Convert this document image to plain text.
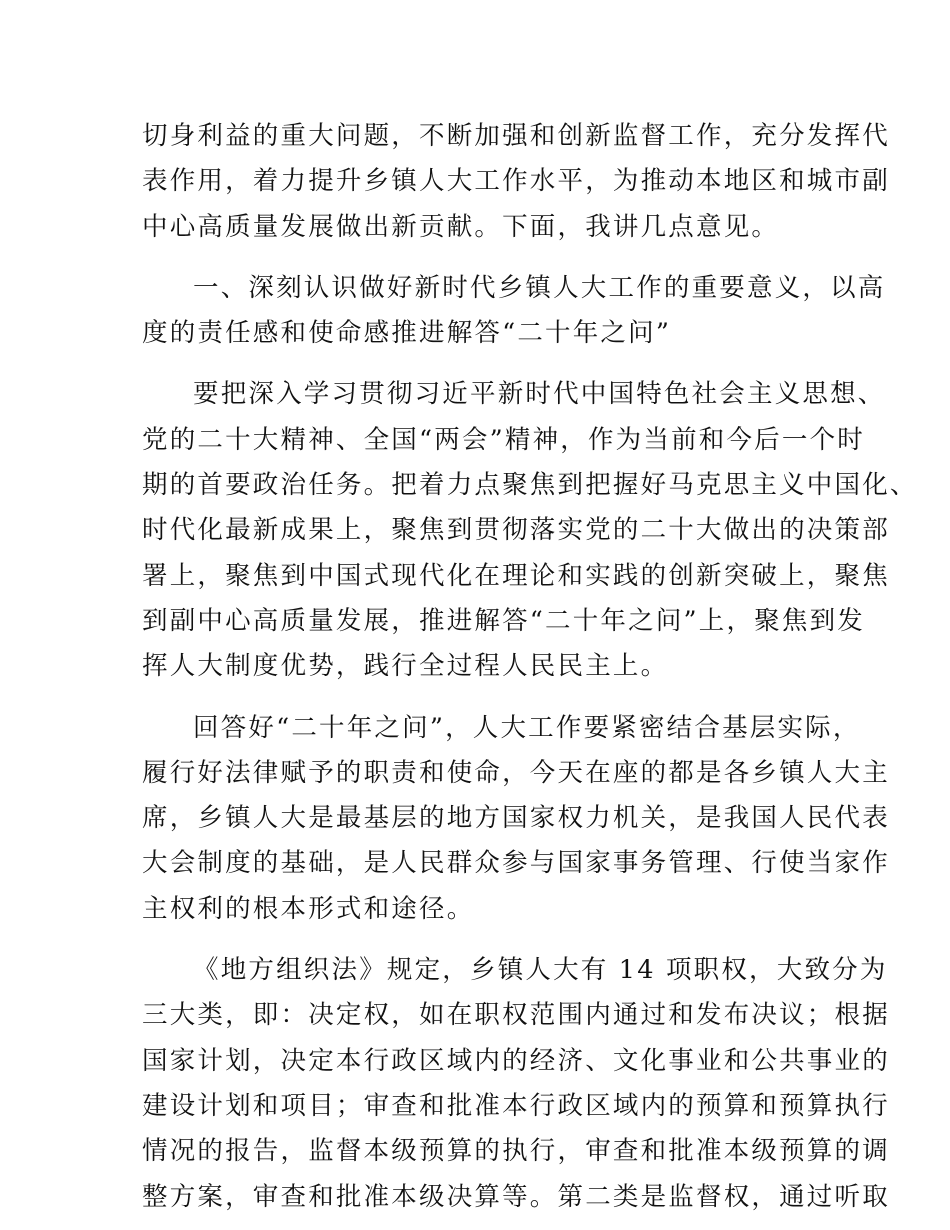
切身利益的重大问题，不断加强和创新监督工作，充分发挥代
表作用，着力提升乡镇人大工作水平，为推动本地区和城市副
中心高质量发展做出新贡献。下面，我讲几点意见。
一、深刻认识做好新时代乡镇人大工作的重要意义，以高
度的责任感和使命感推进解答“二十年之问”
要把深入学习贯彻习近平新时代中国特色社会主义思想、
党的二十大精神、全国“两会”精神，作为当前和今后一个时
期的首要政治任务。把着力点聚焦到把握好马克思主义中国化、
时代化最新成果上，聚焦到贯彻落实党的二十大做出的决策部
署上，聚焦到中国式现代化在理论和实践的创新突破上，聚焦
到副中心高质量发展，推进解答“二十年之问”上，聚焦到发
挥人大制度优势，践行全过程人民民主上。
回答好“二十年之问”，人大工作要紧密结合基层实际，
履行好法律赋予的职责和使命，今天在座的都是各乡镇人大主
席，乡镇人大是最基层的地方国家权力机关，是我国人民代表
大会制度的基础，是人民群众参与国家事务管理、行使当家作
主权利的根本形式和途径。
《地方组织法》规定，乡镇人大有 14 项职权，大致分为
三大类，即：决定权，如在职权范围内通过和发布决议；根据
国家计划，决定本行政区域内的经济、文化事业和公共事业的
建设计划和项目；审查和批准本行政区域内的预算和预算执行
情况的报告，监督本级预算的执行，审查和批准本级预算的调
整方案，审查和批准本级决算等。第二类是监督权，通过听取
